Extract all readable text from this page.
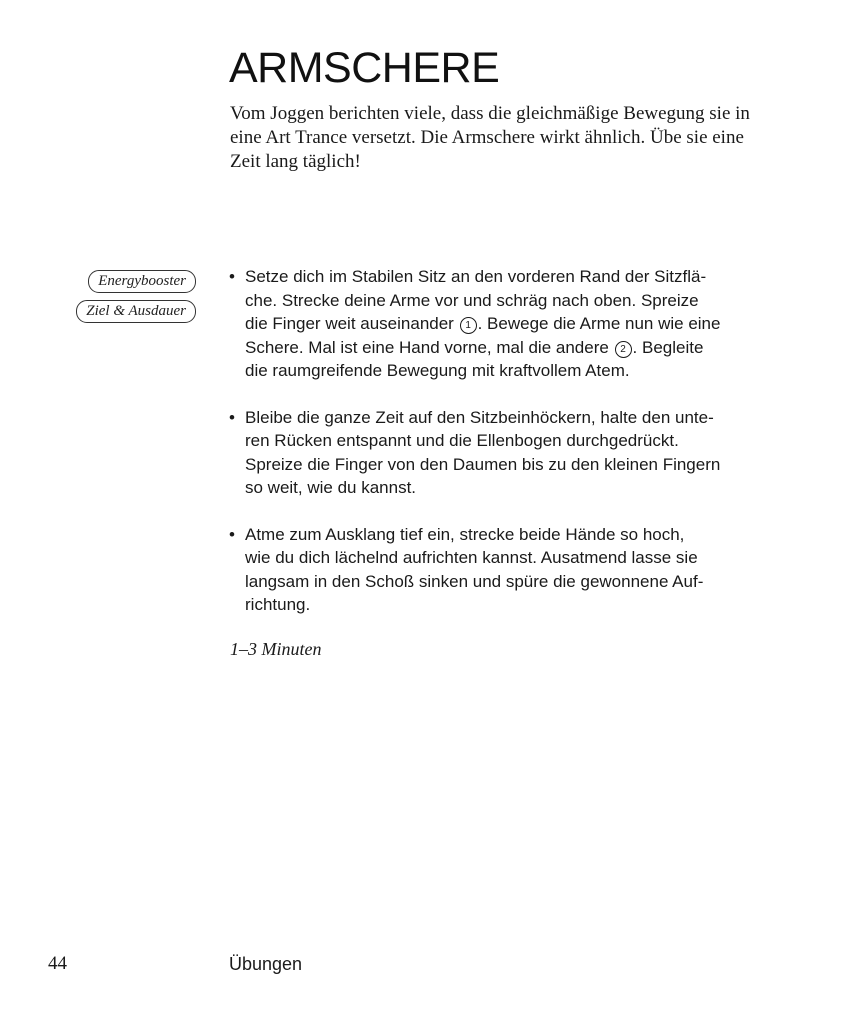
ARMSCHERE

Vom Joggen berichten viele, dass die gleichmäßige Bewegung sie in eine Art Trance versetzt. Die Armschere wirkt ähnlich. Übe sie eine Zeit lang täglich!

Energybooster
Ziel & Ausdauer
• Setze dich im Stabilen Sitz an den vorderen Rand der Sitzflä-
che. Strecke deine Arme vor und schräg nach oben. Spreize
die Finger weit auseinander 1 . Bewege die Arme nun wie eine
Schere. Mal ist eine Hand vorne, mal die andere 2 . Begleite
die raumgreifende Bewegung mit kraftvollem Atem.
• Bleibe die ganze Zeit auf den Sitzbeinhöckern, halte den unte-
ren Rücken entspannt und die Ellenbogen durchgedrückt.
Spreize die Finger von den Daumen bis zu den kleinen Fingern
so weit, wie du kannst.
• Atme zum Ausklang tief ein, strecke beide Hände so hoch,
wie du dich lächelnd aufrichten kannst. Ausatmend lasse sie
langsam in den Schoß sinken und spüre die gewonnene Auf-
richtung.

1–3 Minuten

44	Übungen
